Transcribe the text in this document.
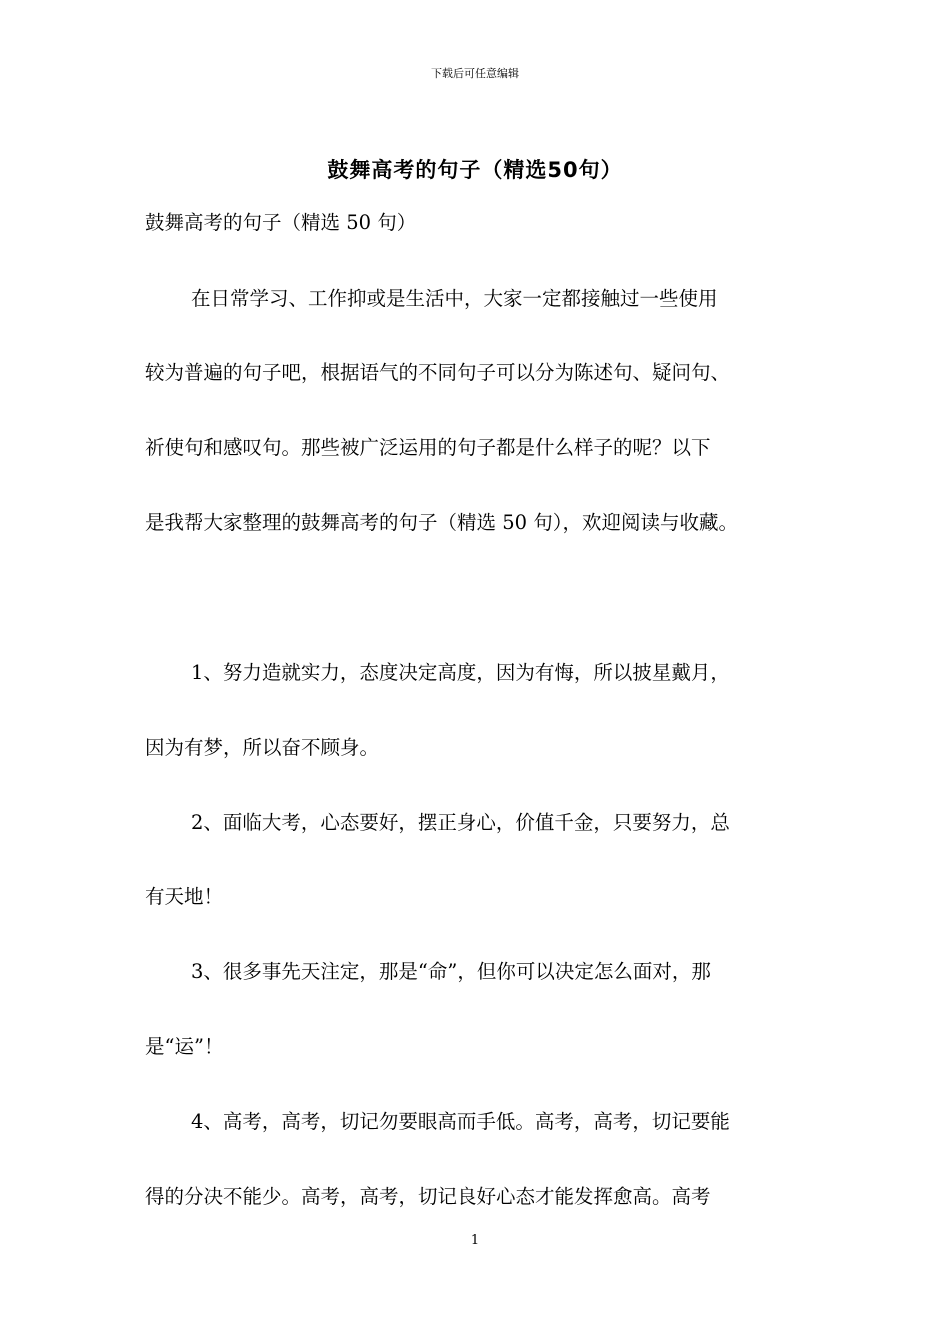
下载后可任意编辑
鼓舞高考的句子（精选50句）
鼓舞高考的句子（精选 50 句）
在日常学习、工作抑或是生活中，大家一定都接触过一些使用
较为普遍的句子吧，根据语气的不同句子可以分为陈述句、疑问句、
祈使句和感叹句。那些被广泛运用的句子都是什么样子的呢？以下
是我帮大家整理的鼓舞高考的句子（精选 50 句），欢迎阅读与收藏。
1、努力造就实力，态度决定高度，因为有悔，所以披星戴月，
因为有梦，所以奋不顾身。
2、面临大考，心态要好，摆正身心，价值千金，只要努力，总
有天地！
3、很多事先天注定，那是“命”，但你可以决定怎么面对，那
是“运”！
4、高考，高考，切记勿要眼高而手低。高考，高考，切记要能
得的分决不能少。高考，高考，切记良好心态才能发挥愈高。高考
1
